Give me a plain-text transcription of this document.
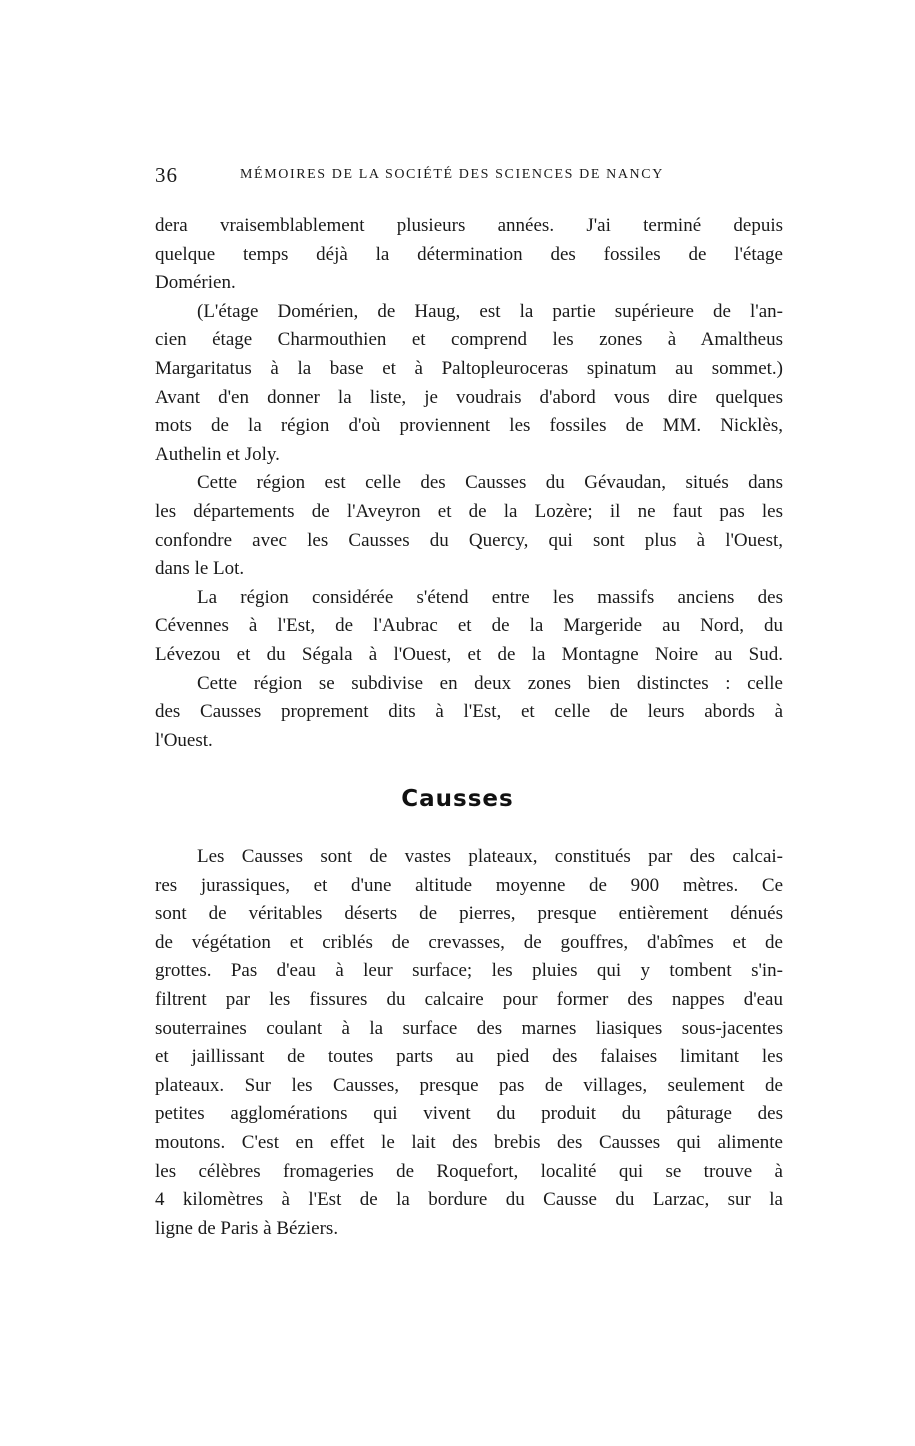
36	MÉMOIRES DE LA SOCIÉTÉ DES SCIENCES DE NANCY
dera vraisemblablement plusieurs années. J'ai terminé depuis
quelque temps déjà la détermination des fossiles de l'étage
Domérien.
(L'étage Domérien, de Haug, est la partie supérieure de l'an-
cien étage Charmouthien et comprend les zones à Amaltheus
Margaritatus à la base et à Paltopleuroceras spinatum au sommet.)
Avant d'en donner la liste, je voudrais d'abord vous dire quelques
mots de la région d'où proviennent les fossiles de MM. Nicklès,
Authelin et Joly.
Cette région est celle des Causses du Gévaudan, situés dans
les départements de l'Aveyron et de la Lozère; il ne faut pas les
confondre avec les Causses du Quercy, qui sont plus à l'Ouest,
dans le Lot.
La région considérée s'étend entre les massifs anciens des
Cévennes à l'Est, de l'Aubrac et de la Margeride au Nord, du
Lévezou et du Ségala à l'Ouest, et de la Montagne Noire au Sud.
Cette région se subdivise en deux zones bien distinctes : celle
des Causses proprement dits à l'Est, et celle de leurs abords à
l'Ouest.
Causses
Les Causses sont de vastes plateaux, constitués par des calcai-
res jurassiques, et d'une altitude moyenne de 900 mètres. Ce
sont de véritables déserts de pierres, presque entièrement dénués
de végétation et criblés de crevasses, de gouffres, d'abîmes et de
grottes. Pas d'eau à leur surface; les pluies qui y tombent s'in-
filtrent par les fissures du calcaire pour former des nappes d'eau
souterraines coulant à la surface des marnes liasiques sous-jacentes
et jaillissant de toutes parts au pied des falaises limitant les
plateaux. Sur les Causses, presque pas de villages, seulement de
petites agglomérations qui vivent du produit du pâturage des
moutons. C'est en effet le lait des brebis des Causses qui alimente
les célèbres fromageries de Roquefort, localité qui se trouve à
4 kilomètres à l'Est de la bordure du Causse du Larzac, sur la
ligne de Paris à Béziers.
